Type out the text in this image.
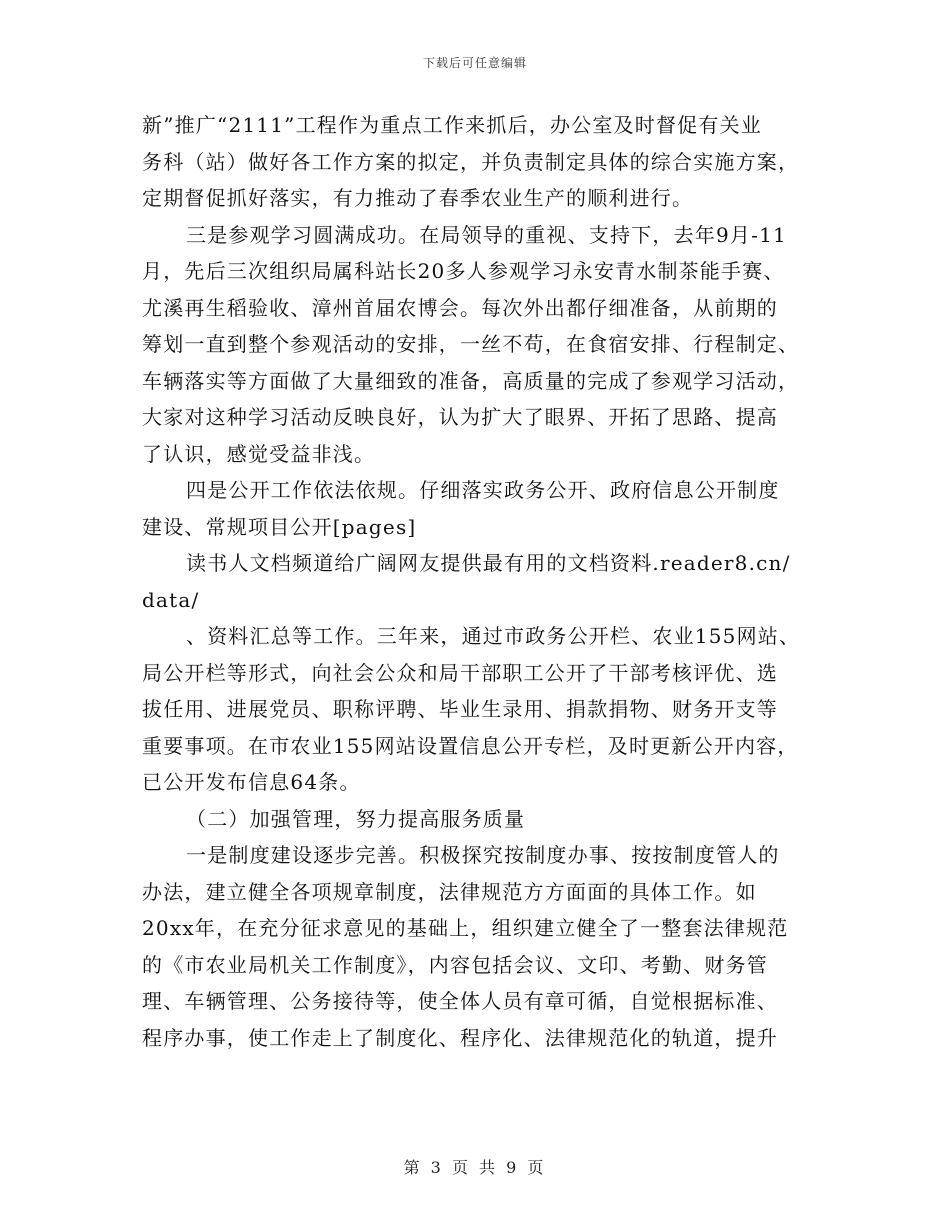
下载后可任意编辑
新”推广“2111”工程作为重点工作来抓后，办公室及时督促有关业
务科（站）做好各工作方案的拟定，并负责制定具体的综合实施方案，
定期督促抓好落实，有力推动了春季农业生产的顺利进行。
三是参观学习圆满成功。在局领导的重视、支持下，去年9月-11
月，先后三次组织局属科站长20多人参观学习永安青水制茶能手赛、
尤溪再生稻验收、漳州首届农博会。每次外出都仔细准备，从前期的
筹划一直到整个参观活动的安排，一丝不苟，在食宿安排、行程制定、
车辆落实等方面做了大量细致的准备，高质量的完成了参观学习活动，
大家对这种学习活动反映良好，认为扩大了眼界、开拓了思路、提高
了认识，感觉受益非浅。
四是公开工作依法依规。仔细落实政务公开、政府信息公开制度
建设、常规项目公开[pages]
读书人文档频道给广阔网友提供最有用的文档资料.reader8.cn/
data/
、资料汇总等工作。三年来，通过市政务公开栏、农业155网站、
局公开栏等形式，向社会公众和局干部职工公开了干部考核评优、选
拔任用、进展党员、职称评聘、毕业生录用、捐款捐物、财务开支等
重要事项。在市农业155网站设置信息公开专栏，及时更新公开内容，
已公开发布信息64条。
（二）加强管理，努力提高服务质量
一是制度建设逐步完善。积极探究按制度办事、按按制度管人的
办法，建立健全各项规章制度，法律规范方方面面的具体工作。如
20xx年，在充分征求意见的基础上，组织建立健全了一整套法律规范
的《市农业局机关工作制度》，内容包括会议、文印、考勤、财务管
理、车辆管理、公务接待等，使全体人员有章可循，自觉根据标准、
程序办事，使工作走上了制度化、程序化、法律规范化的轨道，提升
第 3 页 共 9 页
